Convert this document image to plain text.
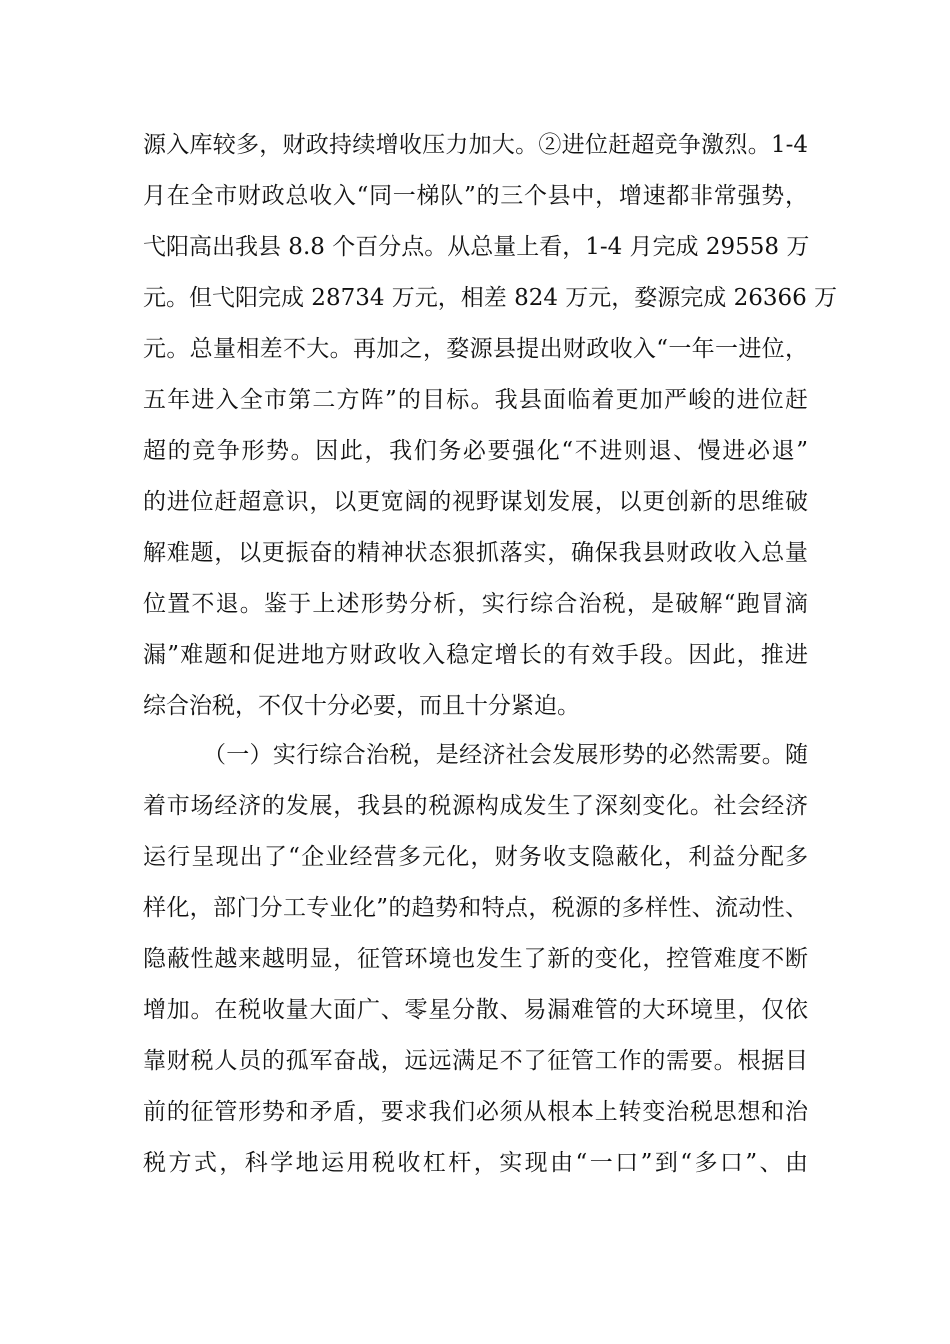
源入库较多，财政持续增收压力加大。②进位赶超竞争激烈。1-4
月在全市财政总收入“同一梯队”的三个县中，增速都非常强势，
弋阳高出我县 8.8 个百分点。从总量上看，1-4 月完成 29558 万
元。但弋阳完成 28734 万元，相差 824 万元，婺源完成 26366 万
元。总量相差不大。再加之，婺源县提出财政收入“一年一进位，
五年进入全市第二方阵”的目标。我县面临着更加严峻的进位赶
超的竞争形势。因此，我们务必要强化“不进则退、慢进必退”
的进位赶超意识，以更宽阔的视野谋划发展，以更创新的思维破
解难题，以更振奋的精神状态狠抓落实，确保我县财政收入总量
位置不退。鉴于上述形势分析，实行综合治税，是破解“跑冒滴
漏”难题和促进地方财政收入稳定增长的有效手段。因此，推进
综合治税，不仅十分必要，而且十分紧迫。
（一）实行综合治税，是经济社会发展形势的必然需要。随
着市场经济的发展，我县的税源构成发生了深刻变化。社会经济
运行呈现出了“企业经营多元化，财务收支隐蔽化，利益分配多
样化，部门分工专业化”的趋势和特点，税源的多样性、流动性、
隐蔽性越来越明显，征管环境也发生了新的变化，控管难度不断
增加。在税收量大面广、零星分散、易漏难管的大环境里，仅依
靠财税人员的孤军奋战，远远满足不了征管工作的需要。根据目
前的征管形势和矛盾，要求我们必须从根本上转变治税思想和治
税方式，科学地运用税收杠杆，实现由“一口”到“多口”、由
